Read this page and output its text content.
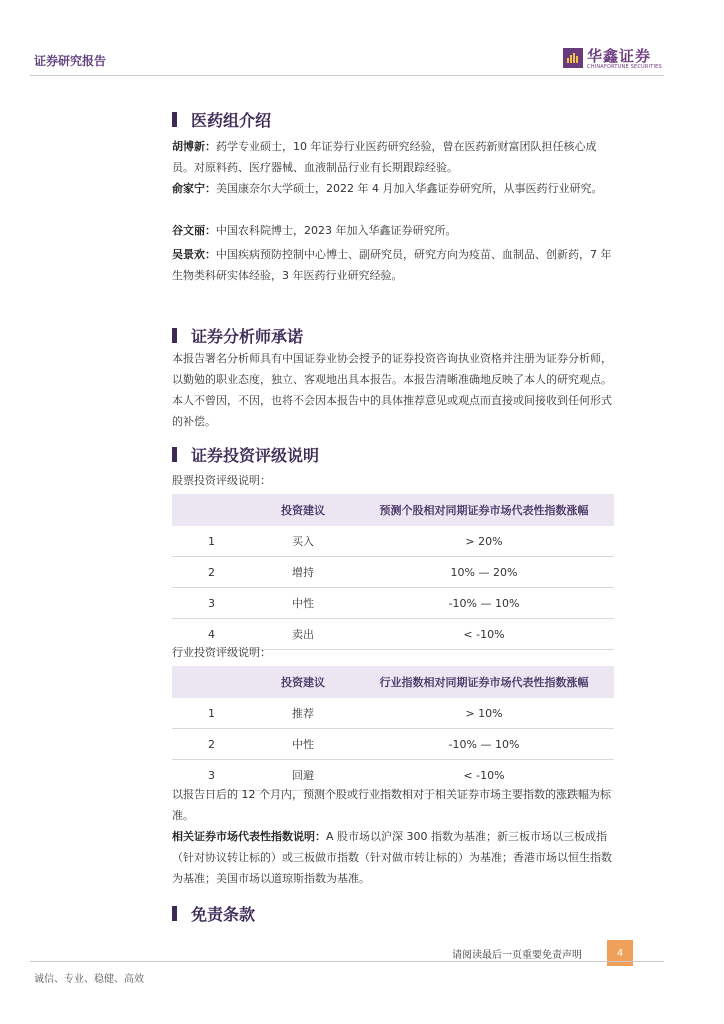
证券研究报告	华鑫证券
CHINAFORTUNE SECURITIES
医药组介绍
胡博新：药学专业硕士，10 年证券行业医药研究经验，曾在医药新财富团队担任核心成员。对原料药、医疗器械、血液制品行业有长期跟踪经验。
俞家宁：美国康奈尔大学硕士，2022 年 4 月加入华鑫证券研究所，从事医药行业研究。
谷文丽：中国农科院博士，2023 年加入华鑫证券研究所。
吴景欢：中国疾病预防控制中心博士、副研究员，研究方向为疫苗、血制品、创新药，7 年生物类科研实体经验，3 年医药行业研究经验。
证券分析师承诺
本报告署名分析师具有中国证券业协会授予的证券投资咨询执业资格并注册为证券分析师，以勤勉的职业态度，独立、客观地出具本报告。本报告清晰准确地反映了本人的研究观点。本人不曾因，不因，也将不会因本报告中的具体推荐意见或观点而直接或间接收到任何形式的补偿。
证券投资评级说明
股票投资评级说明：
	投资建议	预测个股相对同期证券市场代表性指数涨幅
1	买入	> 20%
2	增持	10% — 20%
3	中性	-10% — 10%
4	卖出	< -10%
行业投资评级说明：
	投资建议	行业指数相对同期证券市场代表性指数涨幅
1	推荐	> 10%
2	中性	-10% — 10%
3	回避	< -10%
以报告日后的 12 个月内，预测个股或行业指数相对于相关证券市场主要指数的涨跌幅为标准。
相关证券市场代表性指数说明：A 股市场以沪深 300 指数为基准；新三板市场以三板成指（针对协议转让标的）或三板做市指数（针对做市转让标的）为基准；香港市场以恒生指数为基准；美国市场以道琼斯指数为基准。
免责条款
请阅读最后一页重要免责声明	4
诚信、专业、稳健、高效
